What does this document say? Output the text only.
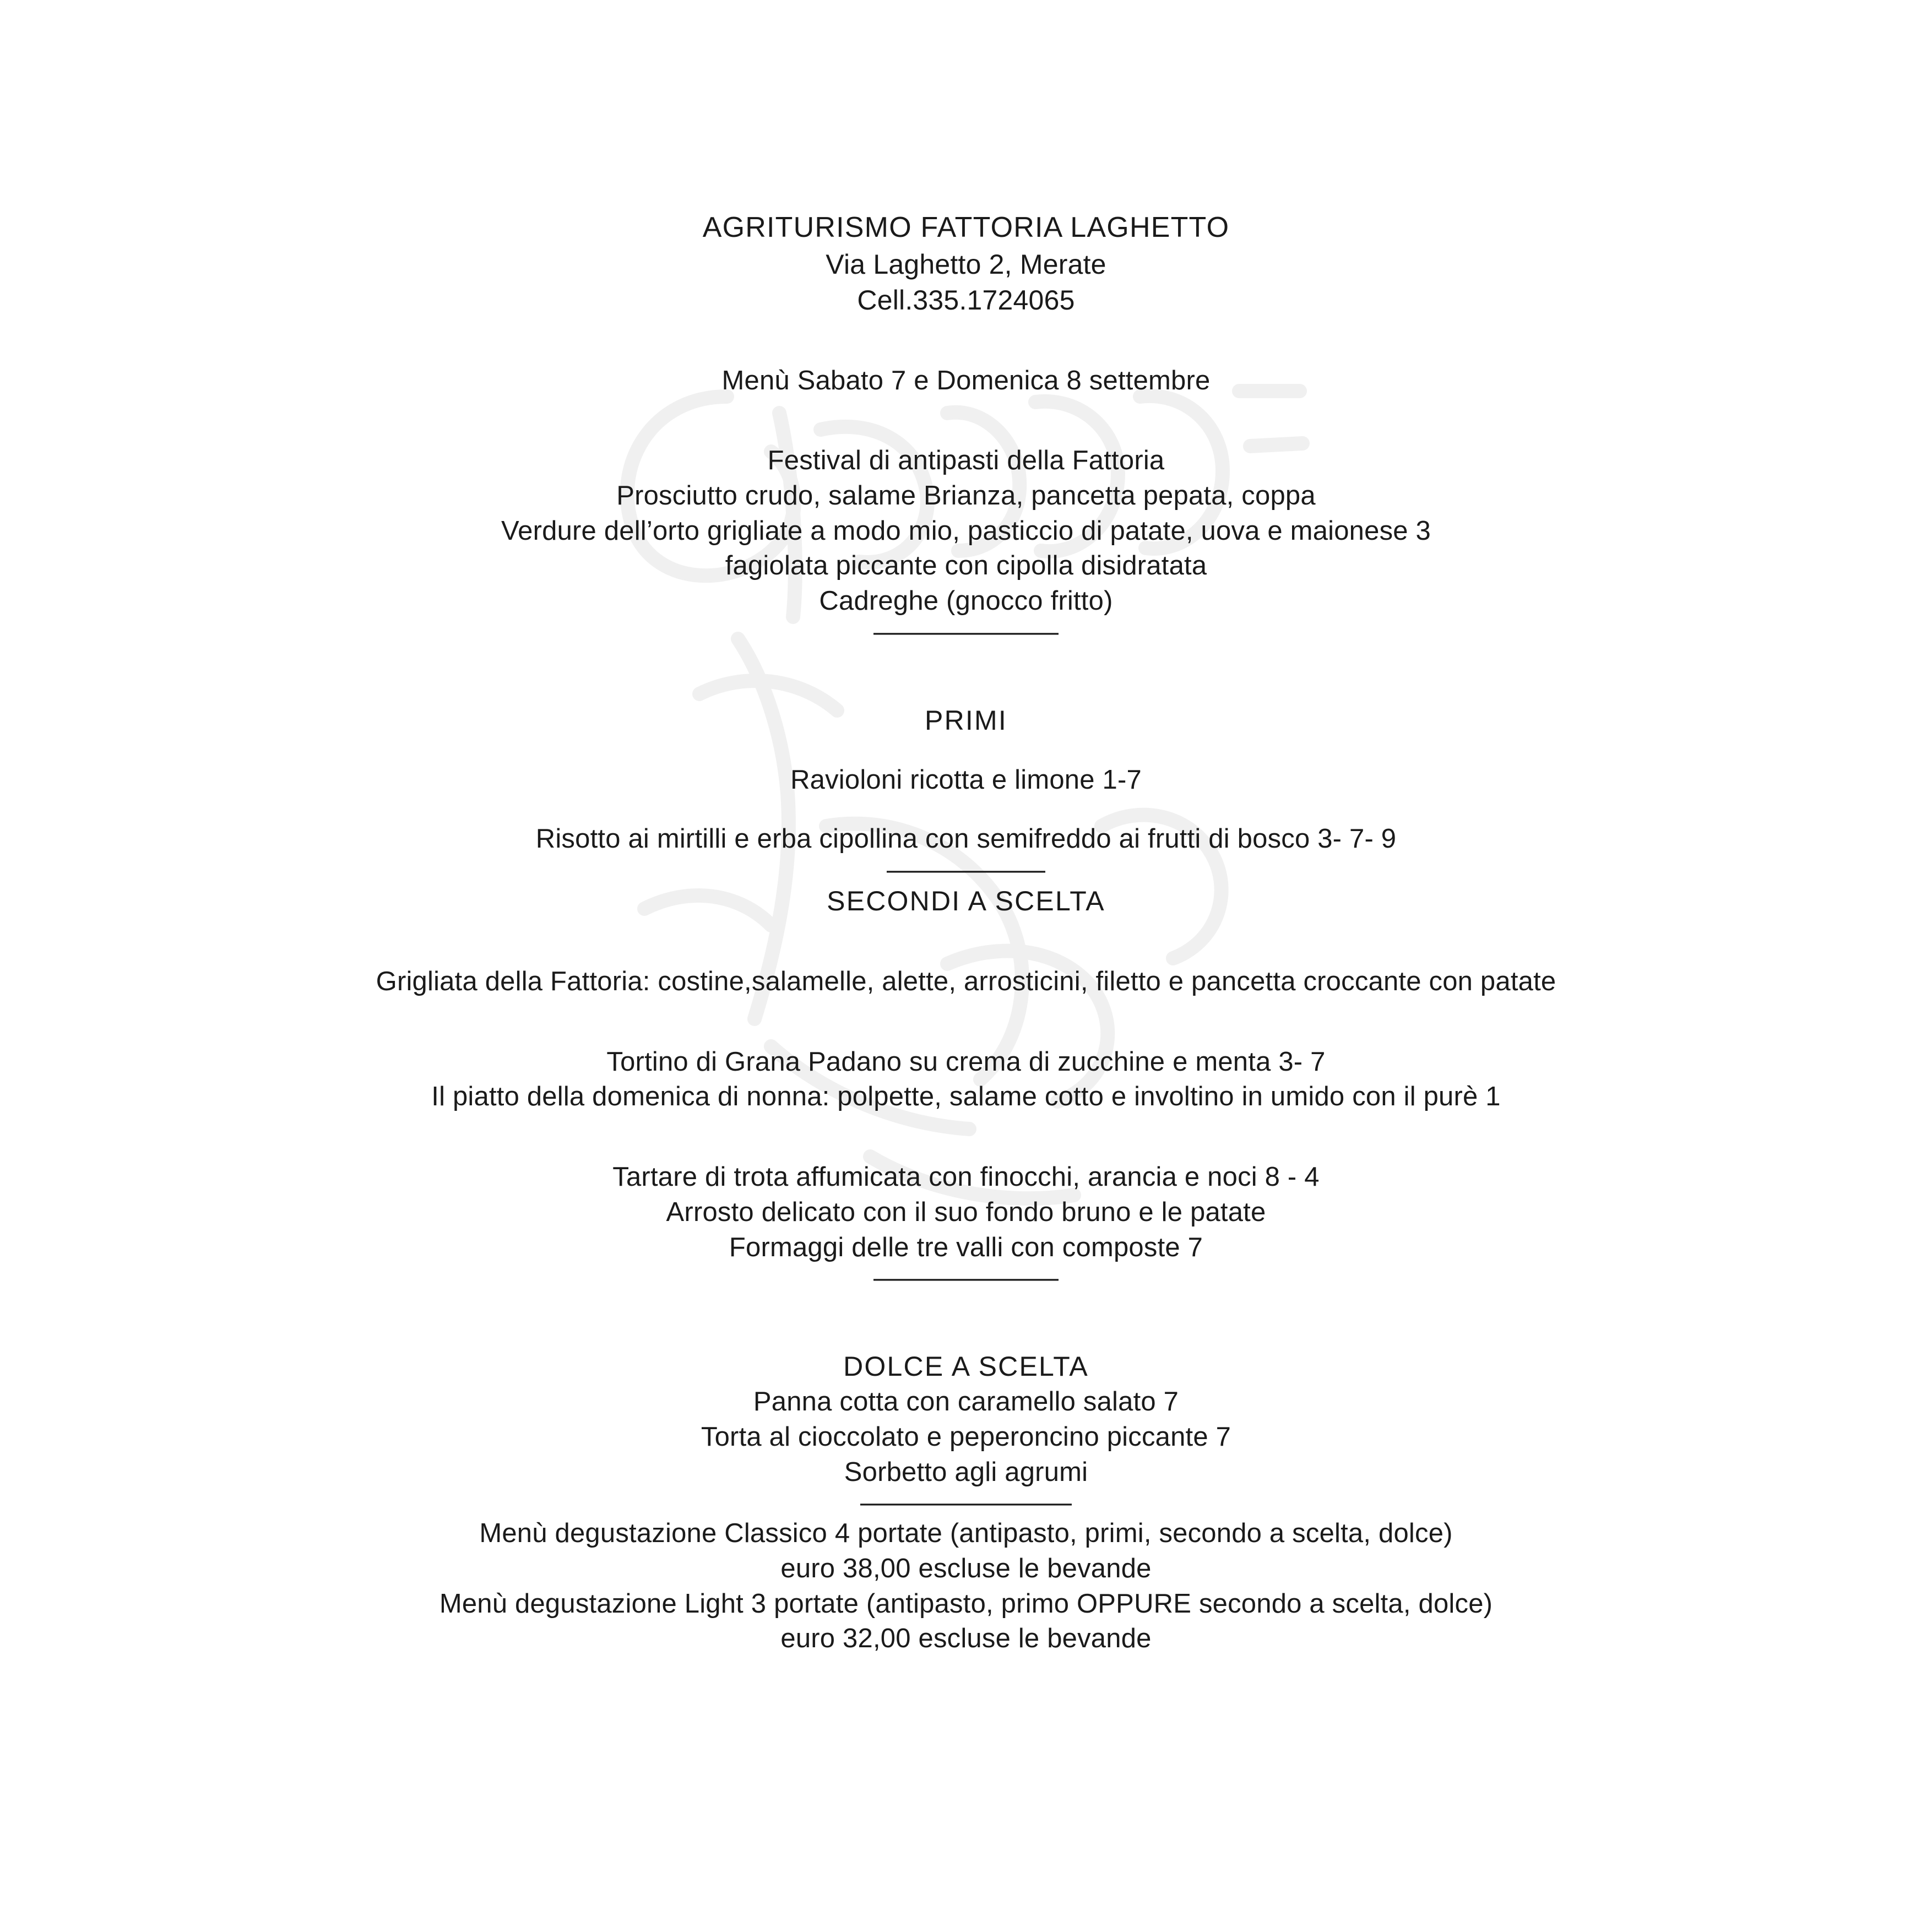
AGRITURISMO FATTORIA LAGHETTO
Via Laghetto 2, Merate
Cell.335.1724065
Menù Sabato 7 e Domenica 8 settembre
Festival di antipasti della Fattoria
Prosciutto crudo, salame Brianza, pancetta pepata, coppa
Verdure dell’orto grigliate a modo mio, pasticcio di patate, uova e maionese 3
fagiolata piccante con cipolla disidratata
Cadreghe (gnocco fritto)
———————
PRIMI
Ravioloni ricotta e limone 1-7
Risotto ai mirtilli e erba cipollina con semifreddo ai frutti di bosco 3- 7- 9
——————
SECONDI A SCELTA
Grigliata della Fattoria: costine,salamelle, alette, arrosticini, filetto e pancetta croccante con patate
Tortino di Grana Padano su crema di zucchine e menta 3- 7
Il piatto della domenica di nonna: polpette, salame cotto e involtino in umido con il purè 1
Tartare di trota affumicata con finocchi, arancia e noci 8 - 4
Arrosto delicato con il suo fondo bruno e le patate
Formaggi delle tre valli con composte 7
———————
DOLCE A SCELTA
Panna cotta con caramello salato 7
Torta al cioccolato e peperoncino piccante 7
Sorbetto agli agrumi
————————
Menù degustazione Classico 4 portate (antipasto, primi, secondo a scelta, dolce)
euro 38,00 escluse le bevande
Menù degustazione Light 3 portate (antipasto, primo OPPURE secondo a scelta, dolce)
euro 32,00 escluse le bevande
